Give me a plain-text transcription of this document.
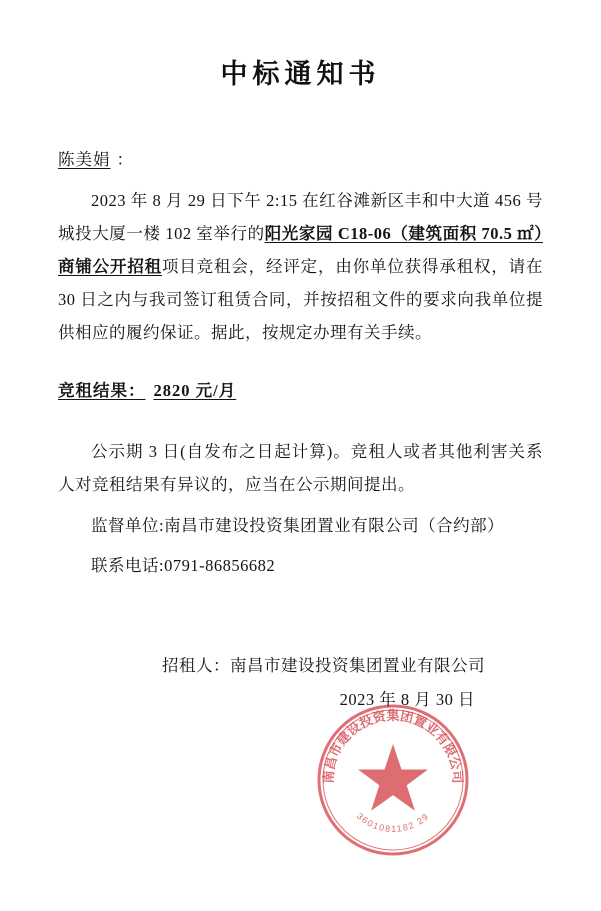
中标通知书
陈美娟 ：
2023 年 8 月 29 日下午 2:15 在红谷滩新区丰和中大道 456 号城投大厦一楼 102 室举行的阳光家园 C18-06（建筑面积 70.5 ㎡）商铺公开招租项目竞租会，经评定，由你单位获得承租权，请在 30 日之内与我司签订租赁合同，并按招租文件的要求向我单位提供相应的履约保证。据此，按规定办理有关手续。
竞租结果： 2820 元/月
公示期 3 日(自发布之日起计算)。竞租人或者其他利害关系人对竞租结果有异议的，应当在公示期间提出。
监督单位:南昌市建设投资集团置业有限公司（合约部）
联系电话:0791-86856682
南昌市建设投资集团置业有限公司
3601081182 29
招租人：南昌市建设投资集团置业有限公司
2023 年 8 月 30 日
